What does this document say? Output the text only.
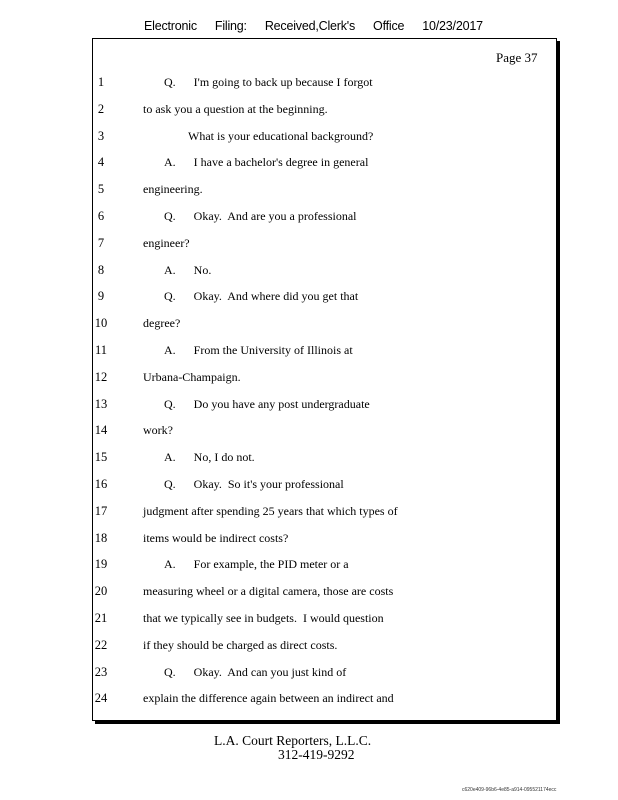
Electronic Filing: Received,Clerk's Office 10/23/2017
Page 37
1	Q.      I'm going to back up because I forgot
2	to ask you a question at the beginning.
3	What is your educational background?
4	A.      I have a bachelor's degree in general
5	engineering.
6	Q.      Okay.  And are you a professional
7	engineer?
8	A.      No.
9	Q.      Okay.  And where did you get that
10	degree?
11	A.      From the University of Illinois at
12	Urbana-Champaign.
13	Q.      Do you have any post undergraduate
14	work?
15	A.      No, I do not.
16	Q.      Okay.  So it's your professional
17	judgment after spending 25 years that which types of
18	items would be indirect costs?
19	A.      For example, the PID meter or a
20	measuring wheel or a digital camera, those are costs
21	that we typically see in budgets.  I would question
22	if they should be charged as direct costs.
23	Q.      Okay.  And can you just kind of
24	explain the difference again between an indirect and
L.A. Court Reporters, L.L.C.
312-419-9292
c620e409-96b6-4e85-a914-0955211​74ecc
